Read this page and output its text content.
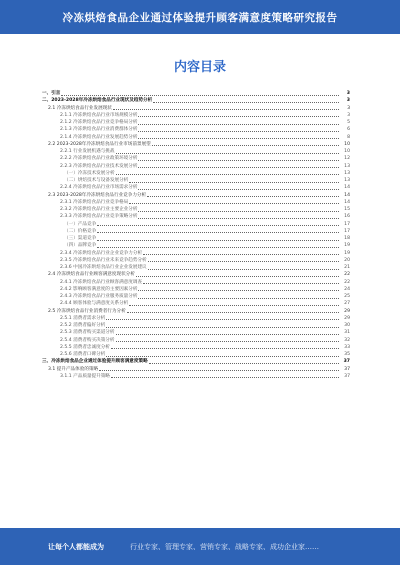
冷冻烘焙食品企业通过体验提升顾客满意度策略研究报告
内容目录
一、引言	3
二、2023-2028年冷冻烘焙食品行业现状及趋势分析	3
2.1 冷冻烘焙食品行业发展现状	3
2.1.1 冷冻烘焙食品行业市场规模分析	3
2.1.2 冷冻烘焙食品行业竞争格局分析	5
2.1.3 冷冻烘焙食品行业消费群体分析	6
2.1.4 冷冻烘焙食品行业发展趋势分析	8
2.2 2023-2028年冷冻烘焙食品行业市场前景展望	10
2.2.1 行业发展机遇与挑战	10
2.2.2 冷冻烘焙食品行业政策环境分析	12
2.2.3 冷冻烘焙食品行业技术发展分析	13
（一）冷冻技术发展分析	13
（二）烘焙技术与设备发展分析	13
2.2.4 冷冻烘焙食品行业市场需求分析	14
2.3 2023-2028年冷冻烘焙食品行业竞争力分析	14
2.3.1 冷冻烘焙食品行业竞争格局	14
2.3.2 冷冻烘焙食品行业主要企业分析	15
2.3.3 冷冻烘焙食品行业竞争策略分析	16
（一）产品竞争	17
（二）价格竞争	17
（三）渠道竞争	18
（四）品牌竞争	19
2.3.4 冷冻烘焙食品行业企业竞争力分析	19
2.3.5 冷冻烘焙食品行业未来竞争趋势分析	20
2.3.6 中国冷冻烘焙食品行业企业发展建议	21
2.4 冷冻烘焙食品行业顾客满意度现状分析	22
2.4.1 冷冻烘焙食品行业顾客满意度调查	22
2.4.2 影响顾客满意度的主要因素分析	24
2.4.3 冷冻烘焙食品行业服务质量分析	25
2.4.4 顾客体验与满意度关系分析	27
2.5 冷冻烘焙食品行业消费者行为分析	29
2.5.1 消费者需求分析	29
2.5.2 消费者偏好分析	30
2.5.3 消费者购买渠道分析	31
2.5.4 消费者购买决策分析	32
2.5.5 消费者忠诚度分析	33
2.5.6 消费者口碑分析	35
三、冷冻烘焙食品企业通过体验提升顾客满意度策略	37
3.1 提升产品体验的策略	37
3.1.1 产品质量提升策略	37
让每个人都能成为	行业专家、管理专家、营销专家、战略专家、成功企业家……
